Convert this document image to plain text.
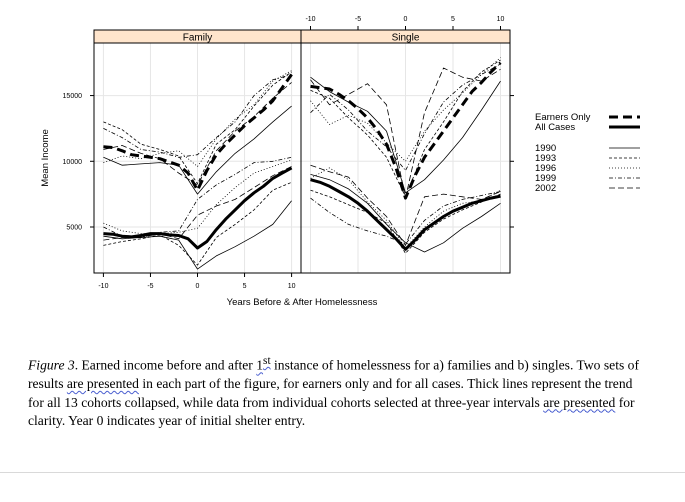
Family
-10	-5	0	5	10
5000
10000
15000
Single
-10	-5	0	5	10
Years Before & After Homelessness
Mean Income
Earners Only
All Cases
1990
1993
1996
1999
2002

Figure 3. Earned income before and after 1st instance of homelessness for a) families and b) singles. Two sets of results are presented in each part of the figure, for earners only and for all cases. Thick lines represent the trend for all 13 cohorts collapsed, while data from individual cohorts selected at three-year intervals are presented for clarity. Year 0 indicates year of initial shelter entry.
